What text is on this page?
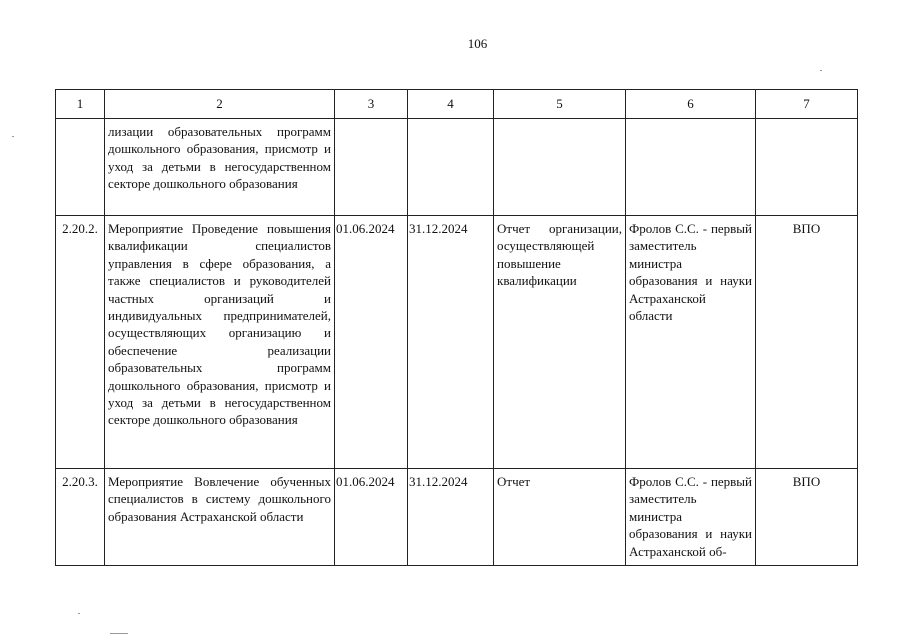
106
1	2	3	4	5	6	7
	лизации образовательных программ дошкольного образования, присмотр и уход за детьми в негосударственном секторе дошкольного образования					
2.20.2.	Мероприятие Проведение повышения квалификации специалистов управления в сфере образования, а также специалистов и руководителей частных организаций и индивидуальных предпринимателей, осуществляющих организацию и обеспечение реализации образовательных программ дошкольного образования, присмотр и уход за детьми в негосударственном секторе дошкольного образования	01.06.2024	31.12.2024	Отчет организации, осуществляющей повышение квалификации	Фролов С.С. - первый заместитель министра образования и науки Астраханской области	ВПО
2.20.3.	Мероприятие Вовлечение обученных специалистов в систему дошкольного образования Астраханской области	01.06.2024	31.12.2024	Отчет	Фролов С.С. - первый заместитель министра образования и науки Астраханской об-	ВПО
